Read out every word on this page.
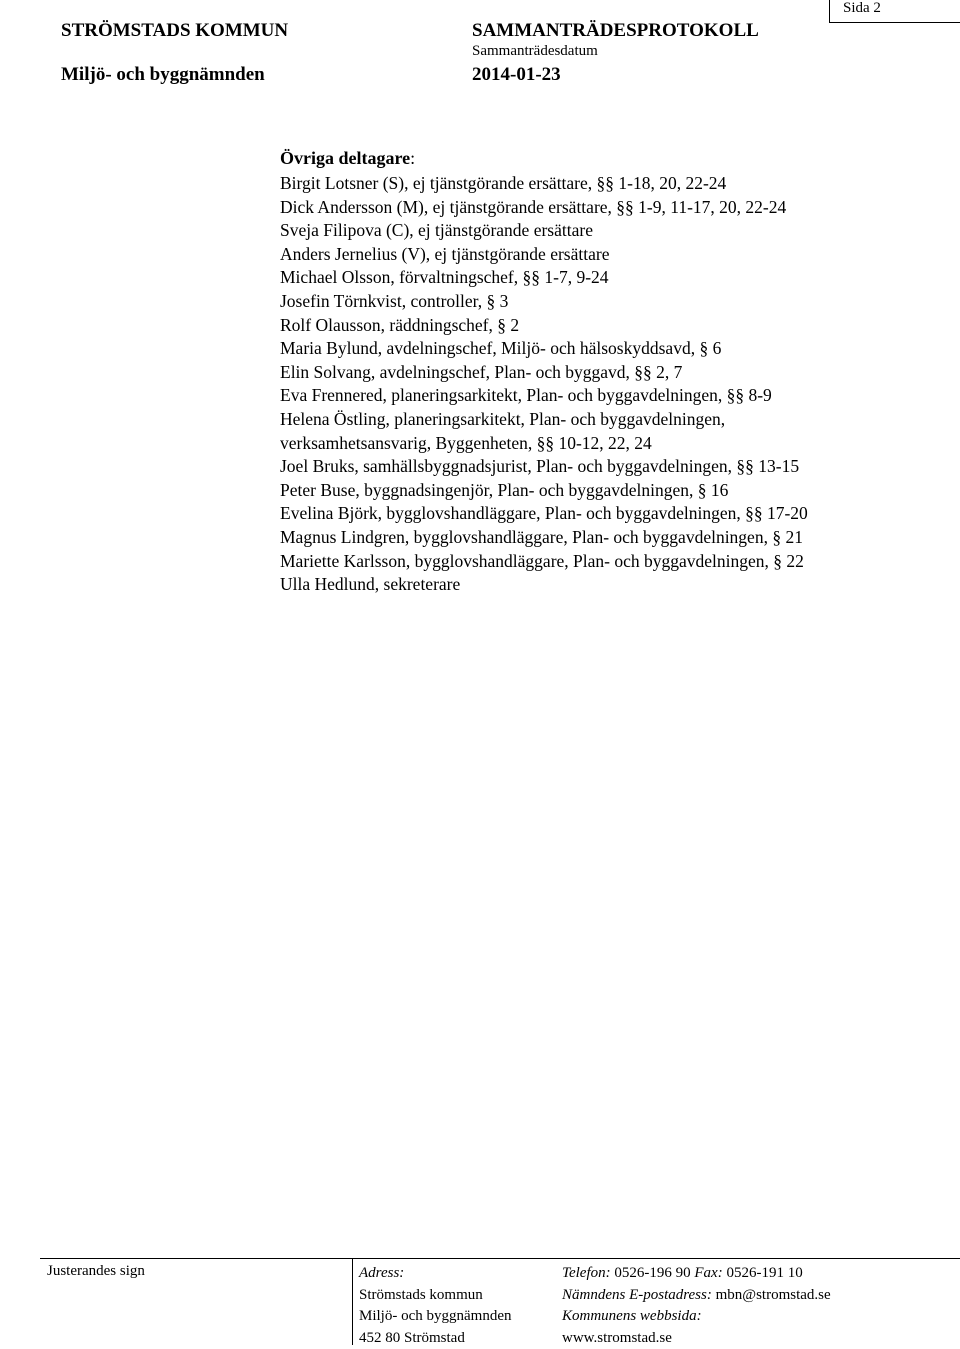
STRÖMSTADS KOMMUN
Miljö- och byggnämnden
SAMMANTRÄDESPROTOKOLL
Sammanträdesdatum
2014-01-23
Sida 2
Övriga deltagare:
Birgit Lotsner (S), ej tjänstgörande ersättare, §§ 1-18, 20, 22-24
Dick Andersson (M), ej tjänstgörande ersättare, §§ 1-9, 11-17, 20, 22-24
Sveja Filipova (C), ej tjänstgörande ersättare
Anders Jernelius (V), ej tjänstgörande ersättare
Michael Olsson, förvaltningschef, §§ 1-7, 9-24
Josefin Törnkvist, controller, § 3
Rolf Olausson, räddningschef, § 2
Maria Bylund, avdelningschef, Miljö- och hälsoskyddsavd, § 6
Elin Solvang, avdelningschef, Plan- och byggavd, §§ 2, 7
Eva Frennered, planeringsarkitekt, Plan- och byggavdelningen, §§ 8-9
Helena Östling, planeringsarkitekt, Plan- och byggavdelningen,
verksamhetsansvarig, Byggenheten, §§ 10-12, 22, 24
Joel Bruks, samhällsbyggnadsjurist, Plan- och byggavdelningen, §§ 13-15
Peter Buse, byggnadsingenjör, Plan- och byggavdelningen, § 16
Evelina Björk, bygglovshandläggare, Plan- och byggavdelningen, §§ 17-20
Magnus Lindgren, bygglovshandläggare, Plan- och byggavdelningen, § 21
Mariette Karlsson, bygglovshandläggare, Plan- och byggavdelningen, § 22
Ulla Hedlund, sekreterare
Justerandes sign	Adress:
Strömstads kommun
Miljö- och byggnämnden
452 80 Strömstad
Telefon: 0526-196 90 Fax: 0526-191 10
Nämndens E-postadress: mbn@stromstad.se
Kommunens webbsida:
www.stromstad.se
